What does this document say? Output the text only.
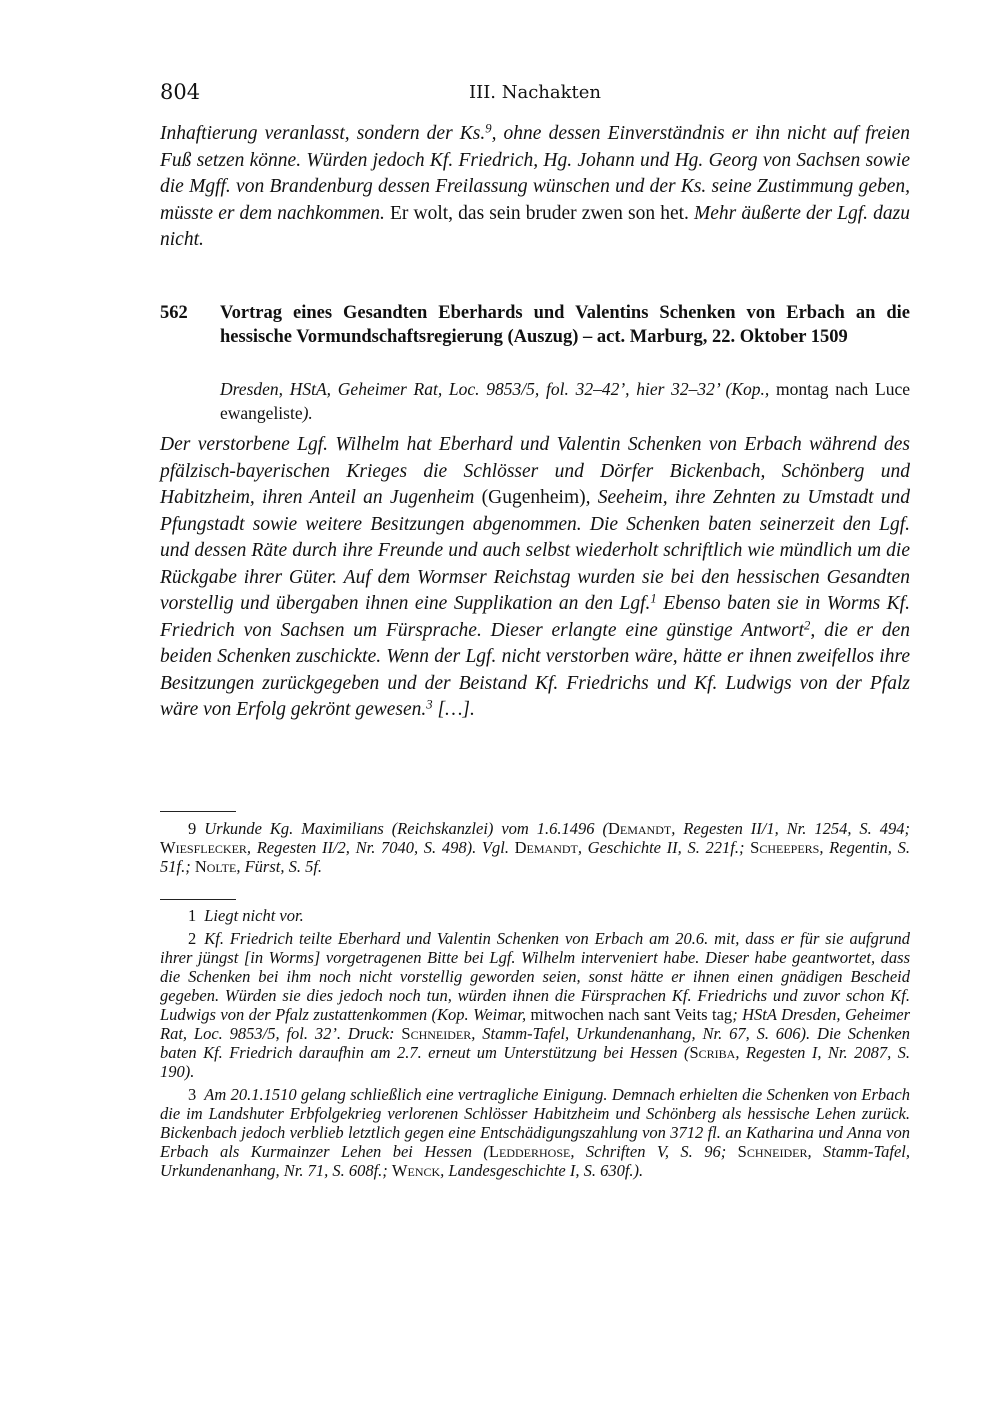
804	III. Nachakten
Inhaftierung veranlasst, sondern der Ks.$^9$, ohne dessen Einverständnis er ihn nicht auf freien Fuß setzen könne. Würden jedoch Kf. Friedrich, Hg. Johann und Hg. Georg von Sachsen sowie die Mgff. von Brandenburg dessen Freilassung wünschen und der Ks. seine Zustimmung geben, müsste er dem nachkommen. Er wolt, das sein bruder zwen son het. Mehr äußerte der Lgf. dazu nicht.
562 Vortrag eines Gesandten Eberhards und Valentins Schenken von Erbach an die hessische Vormundschaftsregierung (Auszug) – act. Marburg, 22. Oktober 1509
Dresden, HStA, Geheimer Rat, Loc. 9853/5, fol. 32–42’, hier 32–32’ (Kop., montag nach Luce ewangeliste).
Der verstorbene Lgf. Wilhelm hat Eberhard und Valentin Schenken von Erbach während des pfälzisch-bayerischen Krieges die Schlösser und Dörfer Bickenbach, Schönberg und Habitzheim, ihren Anteil an Jugenheim (Gugenheim), Seeheim, ihre Zehnten zu Umstadt und Pfungstadt sowie weitere Besitzungen abgenommen. Die Schenken baten seinerzeit den Lgf. und dessen Räte durch ihre Freunde und auch selbst wiederholt schriftlich wie mündlich um die Rückgabe ihrer Güter. Auf dem Wormser Reichstag wurden sie bei den hessischen Gesandten vorstellig und übergaben ihnen eine Supplikation an den Lgf.$^1$ Ebenso baten sie in Worms Kf. Friedrich von Sachsen um Fürsprache. Dieser erlangte eine günstige Antwort$^2$, die er den beiden Schenken zuschickte. Wenn der Lgf. nicht verstorben wäre, hätte er ihnen zweifellos ihre Besitzungen zurückgegeben und der Beistand Kf. Friedrichs und Kf. Ludwigs von der Pfalz wäre von Erfolg gekrönt gewesen.$^3$ […].

9 Urkunde Kg. Maximilians (Reichskanzlei) vom 1.6.1496 (Demandt, Regesten II/1, Nr. 1254, S. 494; Wiesflecker, Regesten II/2, Nr. 7040, S. 498). Vgl. Demandt, Geschichte II, S. 221f.; Scheepers, Regentin, S. 51f.; Nolte, Fürst, S. 5f.

1 Liegt nicht vor.

2 Kf. Friedrich teilte Eberhard und Valentin Schenken von Erbach am 20.6. mit, dass er für sie aufgrund ihrer jüngst [in Worms] vorgetragenen Bitte bei Lgf. Wilhelm interveniert habe. Dieser habe geantwortet, dass die Schenken bei ihm noch nicht vorstellig geworden seien, sonst hätte er ihnen einen gnädigen Bescheid gegeben. Würden sie dies jedoch noch tun, würden ihnen die Fürsprachen Kf. Friedrichs und zuvor schon Kf. Ludwigs von der Pfalz zustattenkommen (Kop. Weimar, mitwochen nach sant Veits tag; HStA Dresden, Geheimer Rat, Loc. 9853/5, fol. 32’. Druck: Schneider, Stamm-Tafel, Urkundenanhang, Nr. 67, S. 606). Die Schenken baten Kf. Friedrich daraufhin am 2.7. erneut um Unterstützung bei Hessen (Scriba, Regesten I, Nr. 2087, S. 190).

3 Am 20.1.1510 gelang schließlich eine vertragliche Einigung. Demnach erhielten die Schenken von Erbach die im Landshuter Erbfolgekrieg verlorenen Schlösser Habitzheim und Schönberg als hessische Lehen zurück. Bickenbach jedoch verblieb letztlich gegen eine Entschädigungszahlung von 3712 fl. an Katharina und Anna von Erbach als Kurmainzer Lehen bei Hessen (Ledderhose, Schriften V, S. 96; Schneider, Stamm-Tafel, Urkundenanhang, Nr. 71, S. 608f.; Wenck, Landesgeschichte I, S. 630f.).
